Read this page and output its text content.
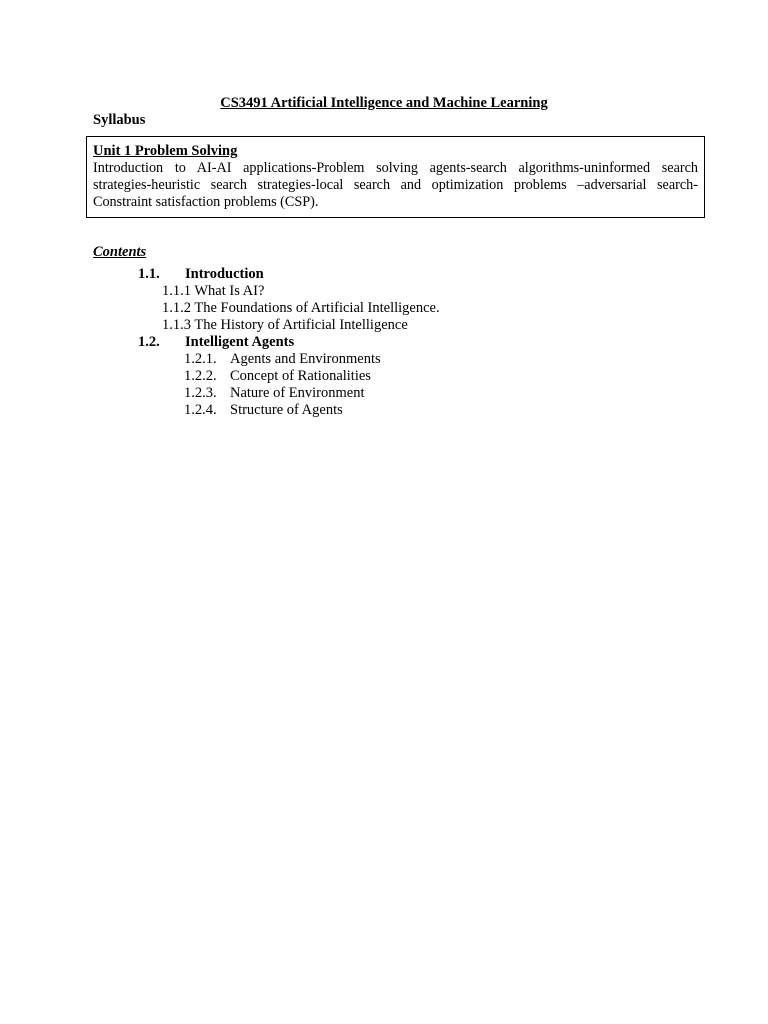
CS3491 Artificial Intelligence and Machine Learning
Syllabus
Unit 1 Problem Solving
Introduction to AI-AI applications-Problem solving agents-search algorithms-uninformed search strategies-heuristic search strategies-local search and optimization problems –adversarial search-Constraint satisfaction problems (CSP).
Contents
1.1. Introduction
1.1.1 What Is AI?
1.1.2 The Foundations of Artificial Intelligence.
1.1.3 The History of Artificial Intelligence
1.2. Intelligent Agents
1.2.1. Agents and Environments
1.2.2. Concept of Rationalities
1.2.3. Nature of Environment
1.2.4. Structure of Agents
